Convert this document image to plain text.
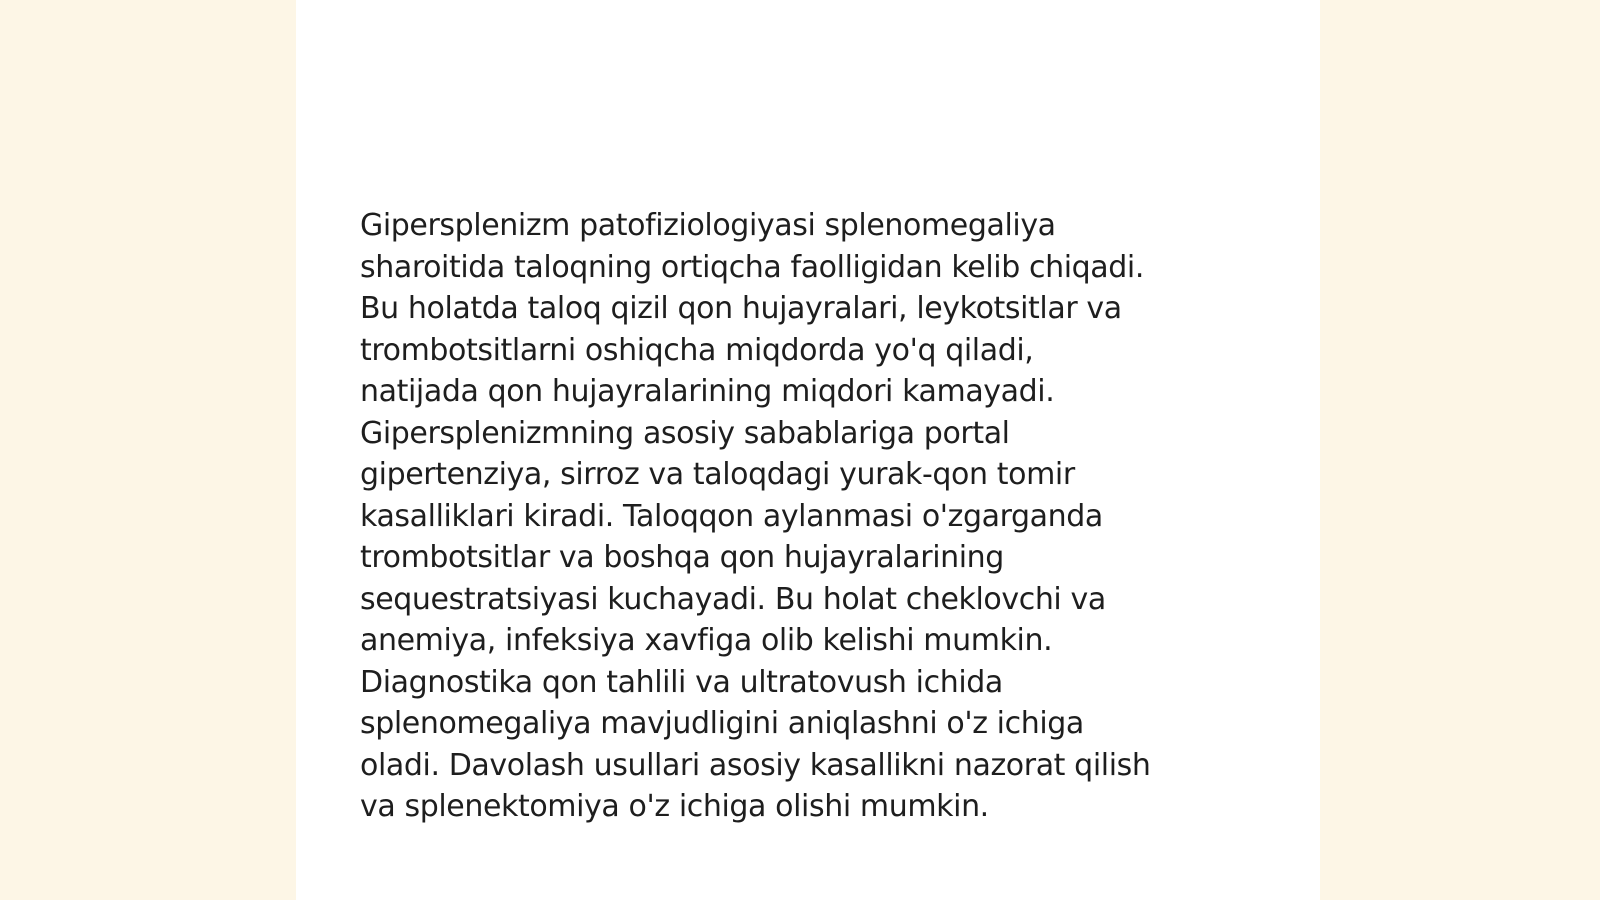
Gipersplenizm patofiziologiyasi splenomegaliya
sharoitida taloqning ortiqcha faolligidan kelib chiqadi.
Bu holatda taloq qizil qon hujayralari, leykotsitlar va
trombotsitlarni oshiqcha miqdorda yo'q qiladi,
natijada qon hujayralarining miqdori kamayadi.
Gipersplenizmning asosiy sabablariga portal
gipertenziya, sirroz va taloqdagi yurak-qon tomir
kasalliklari kiradi. Taloqqon aylanmasi o'zgarganda
trombotsitlar va boshqa qon hujayralarining
sequestratsiyasi kuchayadi. Bu holat cheklovchi va
anemiya, infeksiya xavfiga olib kelishi mumkin.
Diagnostika qon tahlili va ultratovush ichida
splenomegaliya mavjudligini aniqlashni o'z ichiga
oladi. Davolash usullari asosiy kasallikni nazorat qilish
va splenektomiya o'z ichiga olishi mumkin.
